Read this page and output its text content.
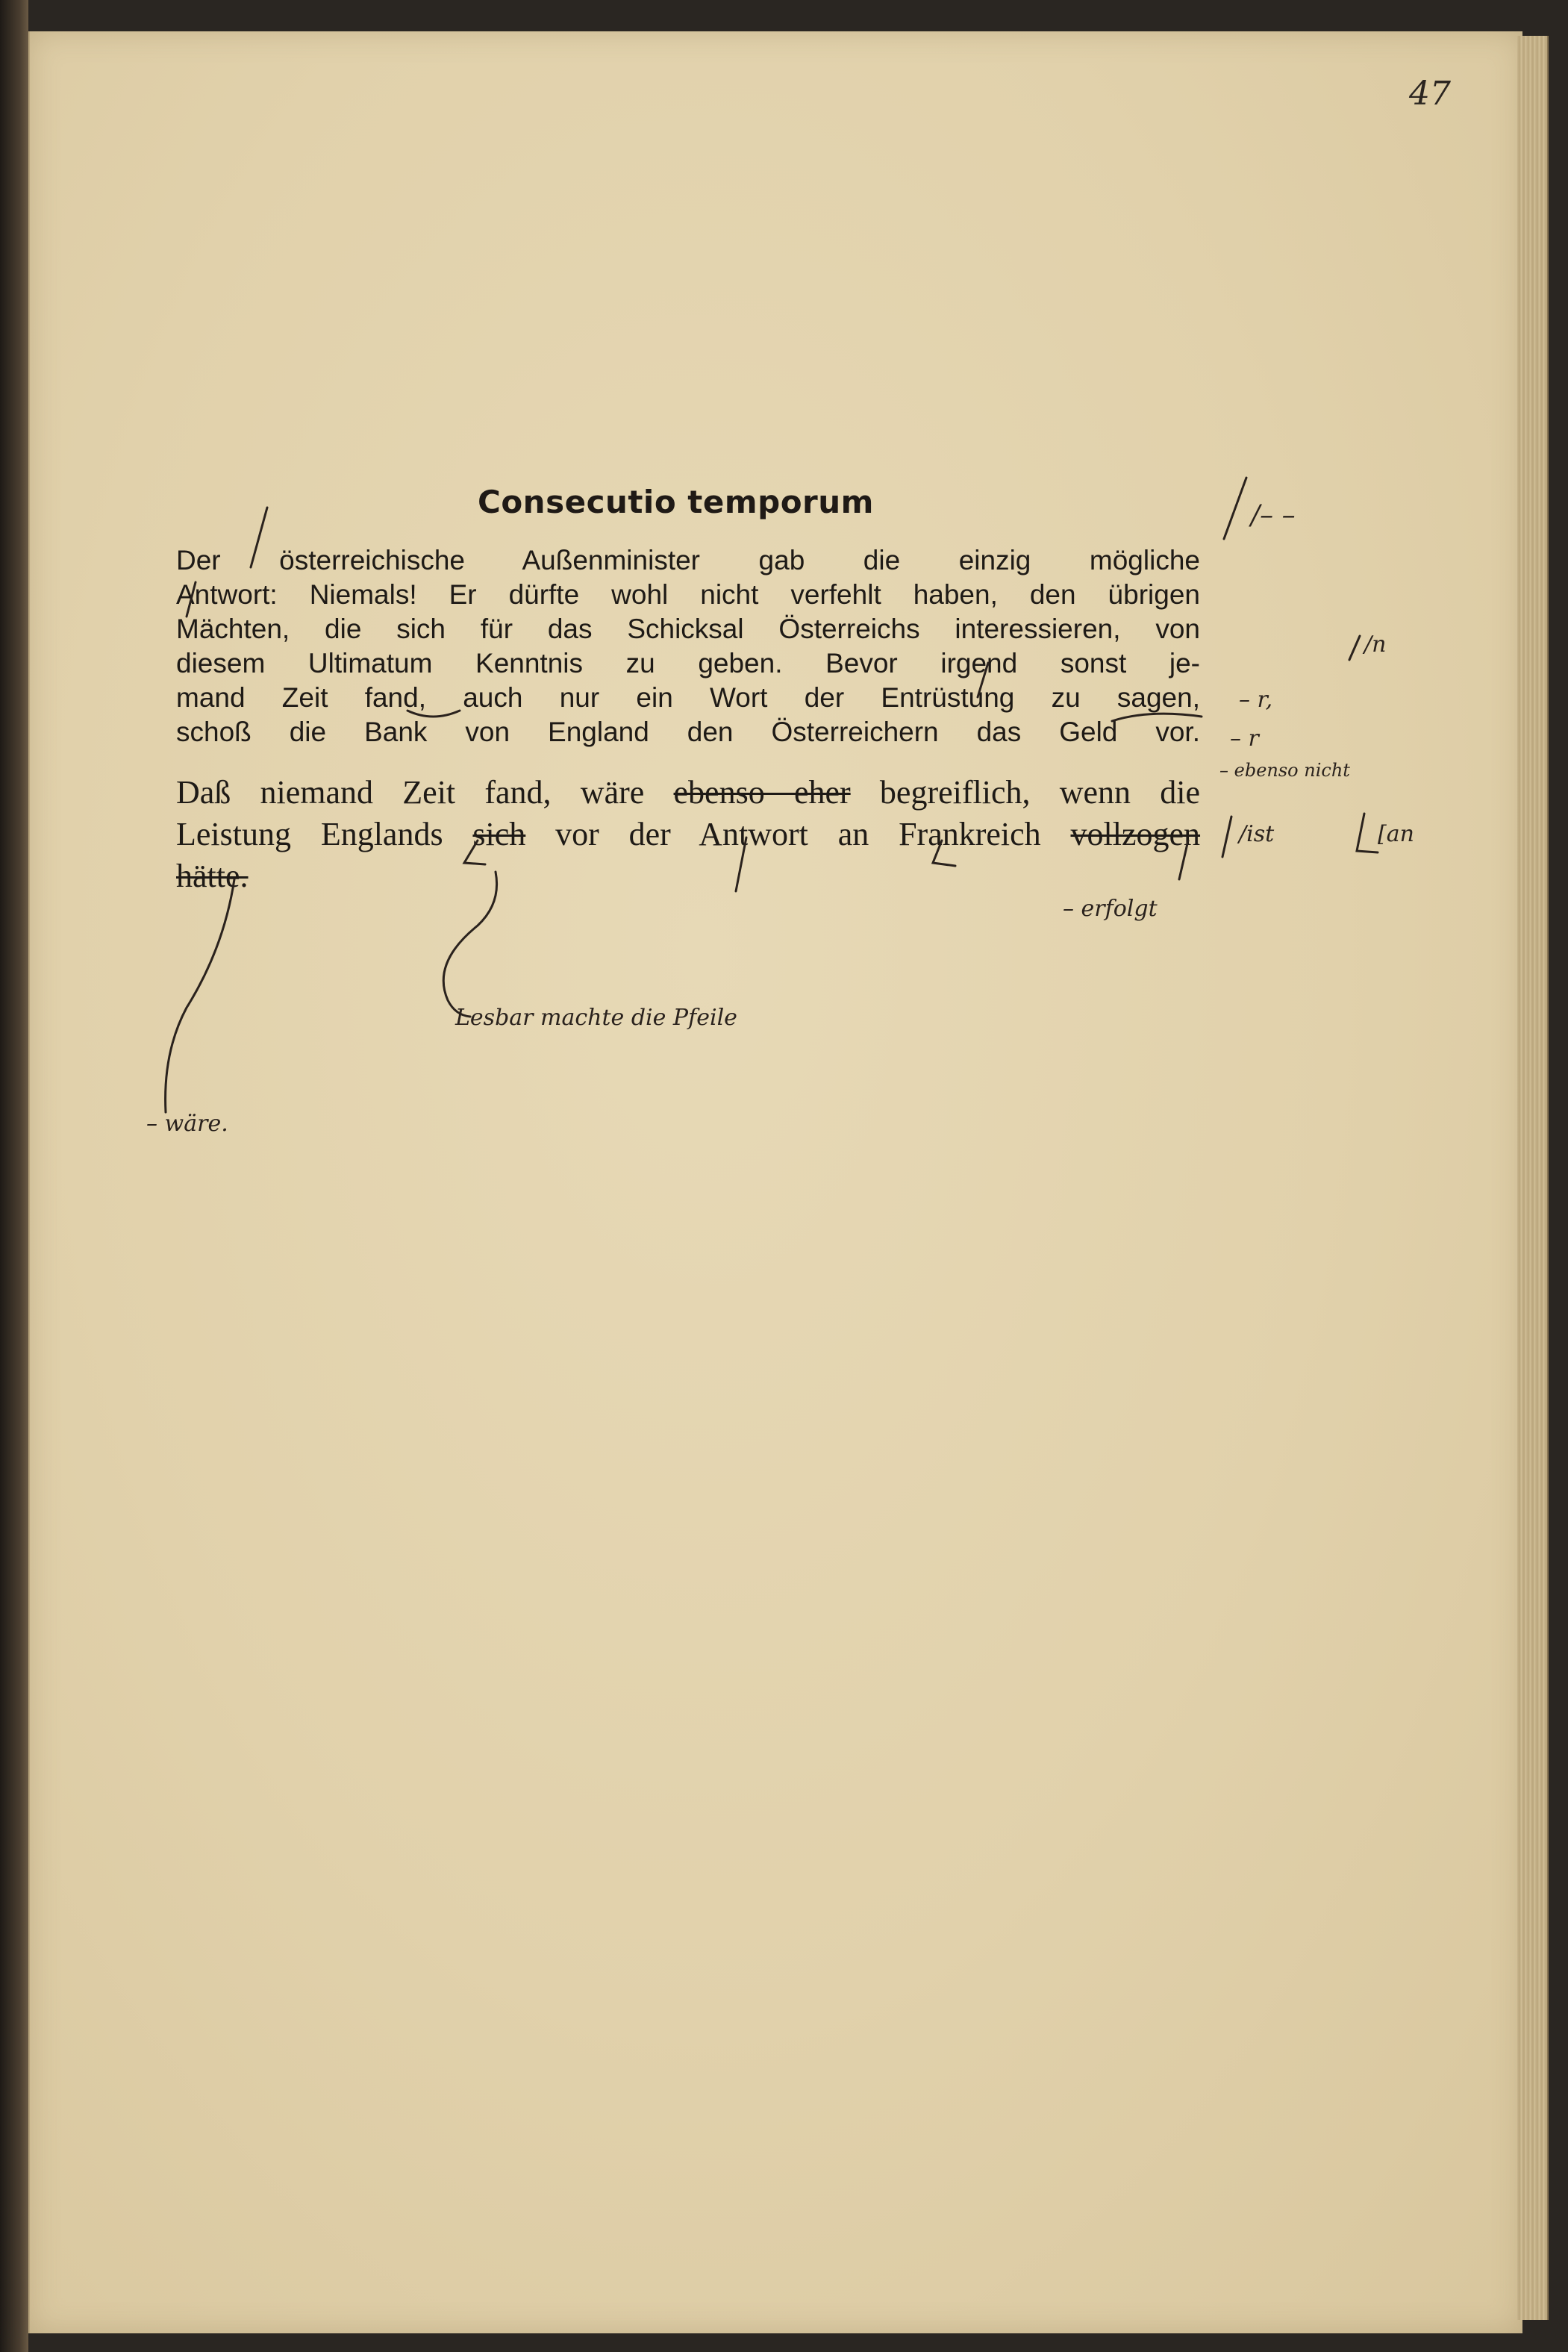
47

Consecutio temporum

Der österreichische Außenminister gab die einzig mögliche

Antwort: Niemals! Er dürfte wohl nicht verfehlt haben, den übrigen

Mächten, die sich für das Schicksal Österreichs interessieren, von

diesem Ultimatum Kenntnis zu geben. Bevor irgend sonst je-

mand Zeit fand, auch nur ein Wort der Entrüstung zu sagen,

schoß die Bank von England den Österreichern das Geld vor.

Daß niemand Zeit fand, wäre ebenso eher begreiflich, wenn die

Leistung Englands sich vor der Antwort an Frankreich vollzogen

hätte.

/– –

/n

– r,

– r

– ebenso nicht

/ist	[an

– erfolgt

Lesbar machte die Pfeile

– wäre.
